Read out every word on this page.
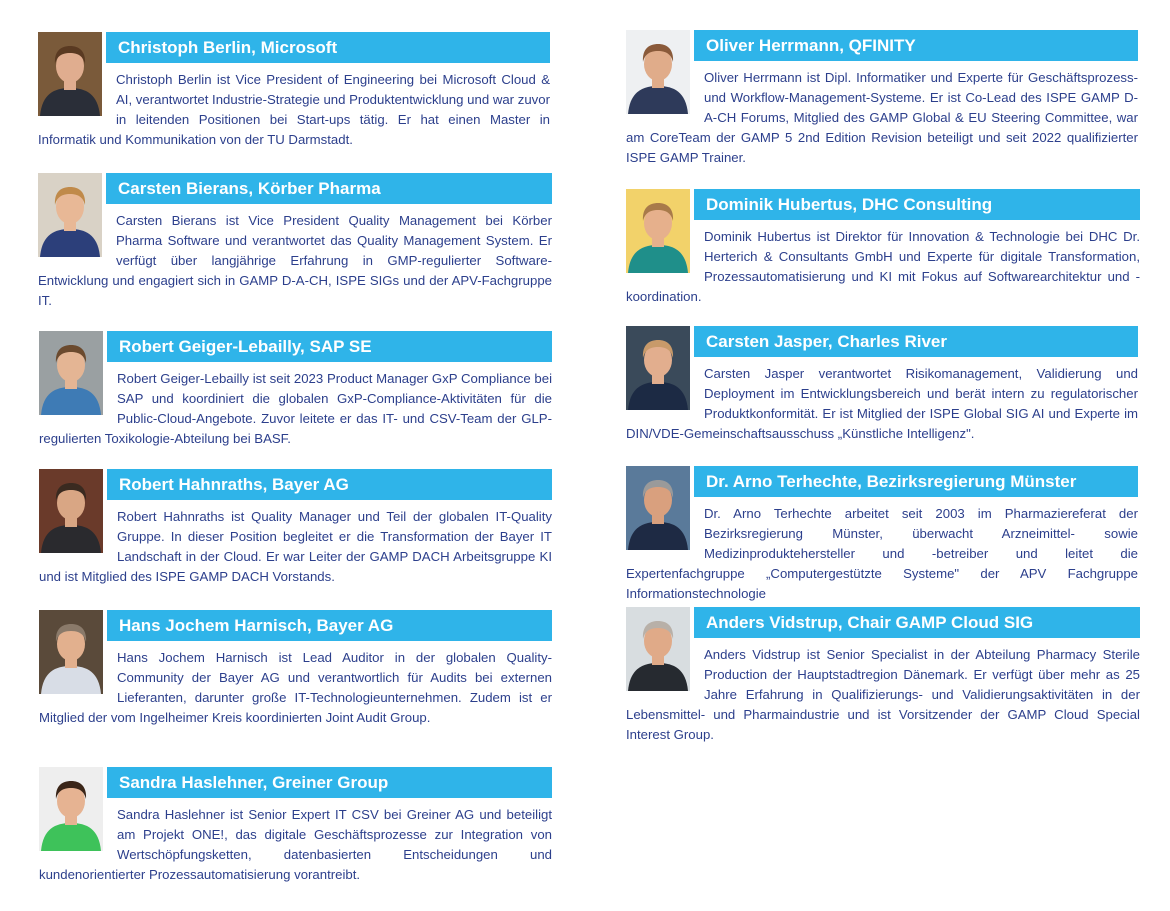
Christoph Berlin, Microsoft

Christoph Berlin ist Vice President of Engineering bei Microsoft Cloud & AI, verantwortet Industrie-Strategie und Produktentwicklung und war zuvor in leitenden Positionen bei Start-ups tätig. Er hat einen Master in Informatik und Kommunikation von der TU Darmstadt.

Carsten Bierans, Körber Pharma

Carsten Bierans ist Vice President Quality Management bei Körber Pharma Software und verantwortet das Quality Management System. Er verfügt über langjährige Erfahrung in GMP-regulierter Software-Entwicklung und engagiert sich in GAMP D-A-CH, ISPE SIGs und der APV-Fachgruppe IT.

Robert Geiger-Lebailly, SAP SE

Robert Geiger-Lebailly ist seit 2023 Product Manager GxP Compliance bei SAP und koordiniert die globalen GxP-Compliance-Aktivitäten für die Public-Cloud-Angebote. Zuvor leitete er das IT- und CSV-Team der GLP-regulierten Toxikologie-Abteilung bei BASF.

Robert Hahnraths, Bayer AG

Robert Hahnraths ist Quality Manager und Teil der globalen IT-Quality Gruppe. In dieser Position begleitet er die Transformation der Bayer IT Landschaft in der Cloud. Er war Leiter der GAMP DACH Arbeitsgruppe KI und ist Mitglied des ISPE GAMP DACH Vorstands.

Hans Jochem Harnisch, Bayer AG

Hans Jochem Harnisch ist Lead Auditor in der globalen Quality-Community der Bayer AG und verantwortlich für Audits bei externen Lieferanten, darunter große IT-Technologieunternehmen. Zudem ist er Mitglied der vom Ingelheimer Kreis koordinierten Joint Audit Group.

Sandra Haslehner, Greiner Group

Sandra Haslehner ist Senior Expert IT CSV bei Greiner AG und beteiligt am Projekt ONE!, das digitale Geschäftsprozesse zur Integration von Wertschöpfungsketten, datenbasierten Entscheidungen und kundenorientierter Prozessautomatisierung vorantreibt.

Oliver Herrmann, QFINITY

Oliver Herrmann ist Dipl. Informatiker und Experte für Geschäftsprozess- und Workflow-Management-Systeme. Er ist Co-Lead des ISPE GAMP D-A-CH Forums, Mitglied des GAMP Global & EU Steering Committee, war am CoreTeam der GAMP 5 2nd Edition Revision beteiligt und seit 2022 qualifizierter ISPE GAMP Trainer.

Dominik Hubertus, DHC Consulting

Dominik Hubertus ist Direktor für Innovation & Technologie bei DHC Dr. Herterich & Consultants GmbH und Experte für digitale Transformation, Prozessautomatisierung und KI mit Fokus auf Softwarearchitektur und -koordination.

Carsten Jasper, Charles River

Carsten Jasper verantwortet Risikomanagement, Validierung und Deployment im Entwicklungsbereich und berät intern zu regulatorischer Produktkonformität. Er ist Mitglied der ISPE Global SIG AI und Experte im DIN/VDE-Gemeinschaftsausschuss „Künstliche Intelligenz".

Dr. Arno Terhechte, Bezirksregierung Münster

Dr. Arno Terhechte arbeitet seit 2003 im Pharmaziereferat der Bezirksregierung Münster, überwacht Arzneimittel- sowie Medizinproduktehersteller und -betreiber und leitet die Expertenfachgruppe „Computergestützte Systeme" der APV Fachgruppe Informationstechnologie

Anders Vidstrup, Chair GAMP Cloud SIG

Anders Vidstrup ist Senior Specialist in der Abteilung Pharmacy Sterile Production der Hauptstadtregion Dänemark. Er verfügt über mehr as 25 Jahre Erfahrung in Qualifizierungs- und Validierungsaktivitäten in der Lebensmittel- und Pharmaindustrie und ist Vorsitzender der GAMP Cloud Special Interest Group.
